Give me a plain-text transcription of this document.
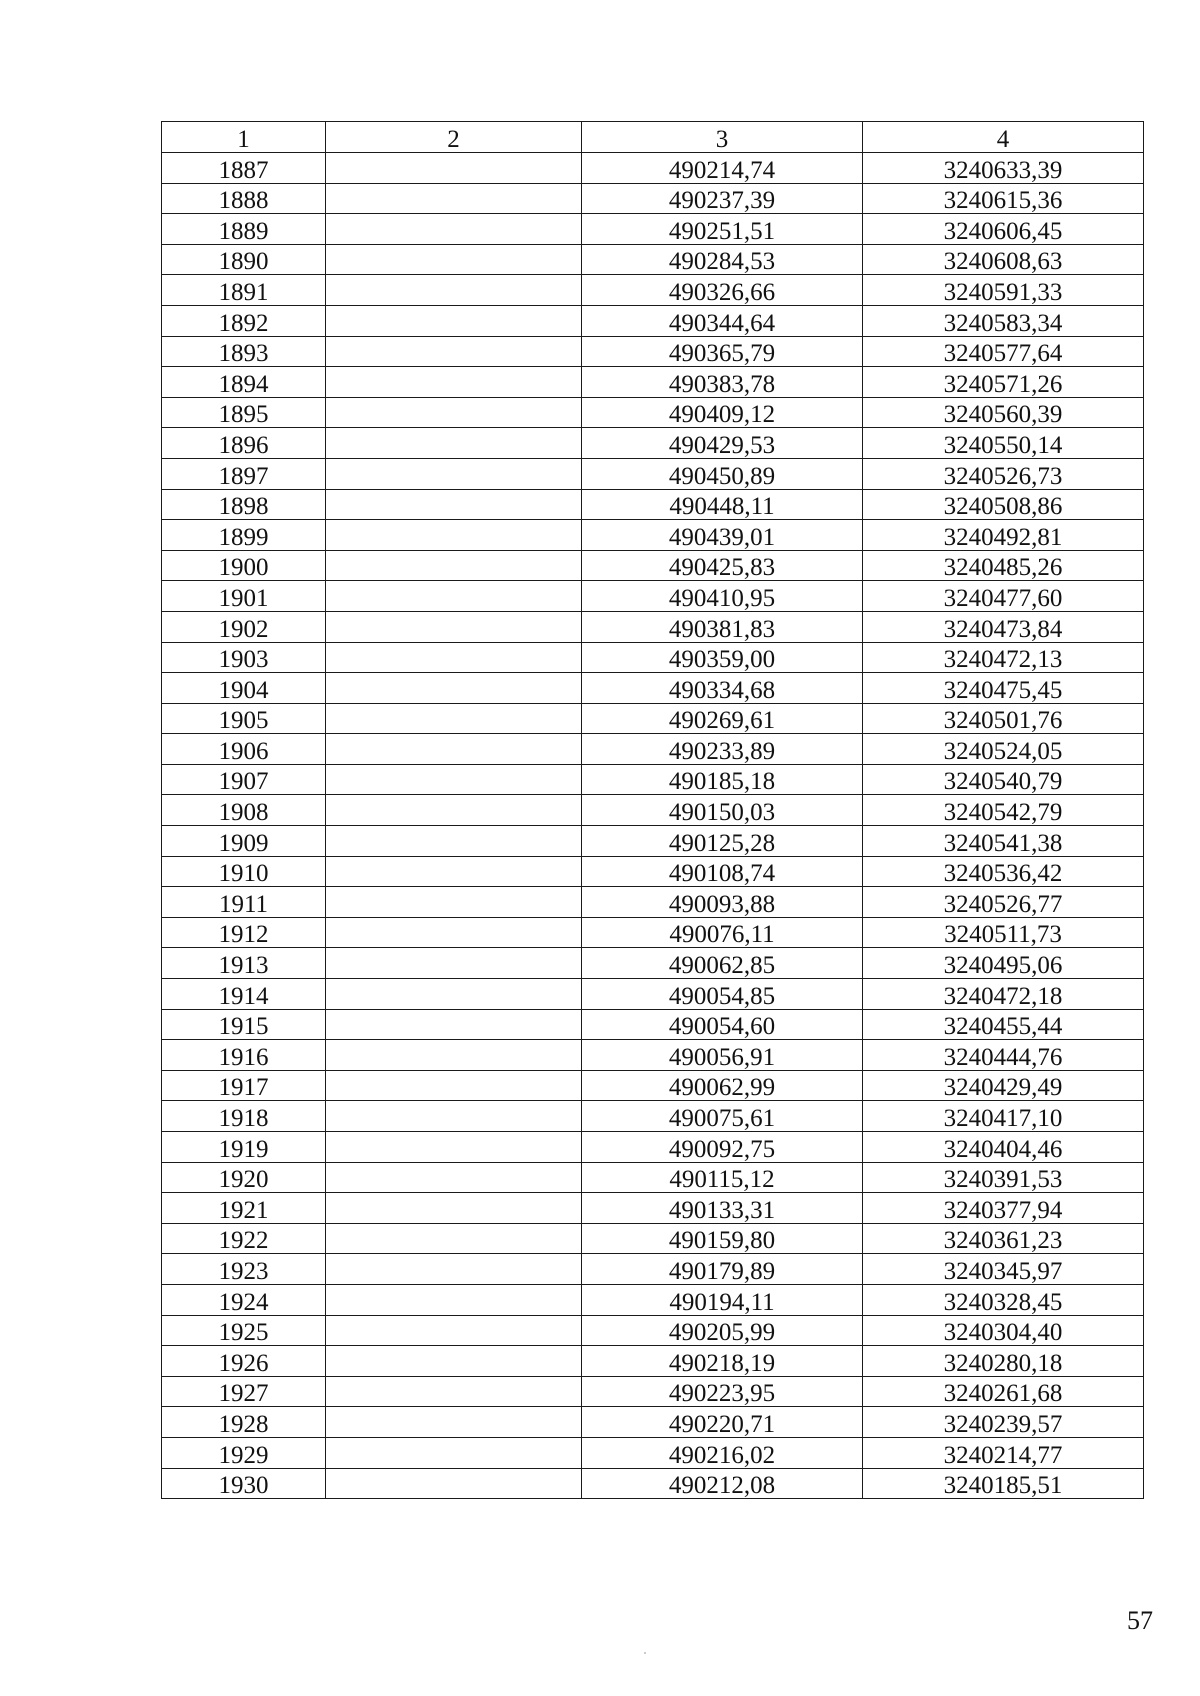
1	2	3	4
1887		490214,74	3240633,39
1888		490237,39	3240615,36
1889		490251,51	3240606,45
1890		490284,53	3240608,63
1891		490326,66	3240591,33
1892		490344,64	3240583,34
1893		490365,79	3240577,64
1894		490383,78	3240571,26
1895		490409,12	3240560,39
1896		490429,53	3240550,14
1897		490450,89	3240526,73
1898		490448,11	3240508,86
1899		490439,01	3240492,81
1900		490425,83	3240485,26
1901		490410,95	3240477,60
1902		490381,83	3240473,84
1903		490359,00	3240472,13
1904		490334,68	3240475,45
1905		490269,61	3240501,76
1906		490233,89	3240524,05
1907		490185,18	3240540,79
1908		490150,03	3240542,79
1909		490125,28	3240541,38
1910		490108,74	3240536,42
1911		490093,88	3240526,77
1912		490076,11	3240511,73
1913		490062,85	3240495,06
1914		490054,85	3240472,18
1915		490054,60	3240455,44
1916		490056,91	3240444,76
1917		490062,99	3240429,49
1918		490075,61	3240417,10
1919		490092,75	3240404,46
1920		490115,12	3240391,53
1921		490133,31	3240377,94
1922		490159,80	3240361,23
1923		490179,89	3240345,97
1924		490194,11	3240328,45
1925		490205,99	3240304,40
1926		490218,19	3240280,18
1927		490223,95	3240261,68
1928		490220,71	3240239,57
1929		490216,02	3240214,77
1930		490212,08	3240185,51
57
